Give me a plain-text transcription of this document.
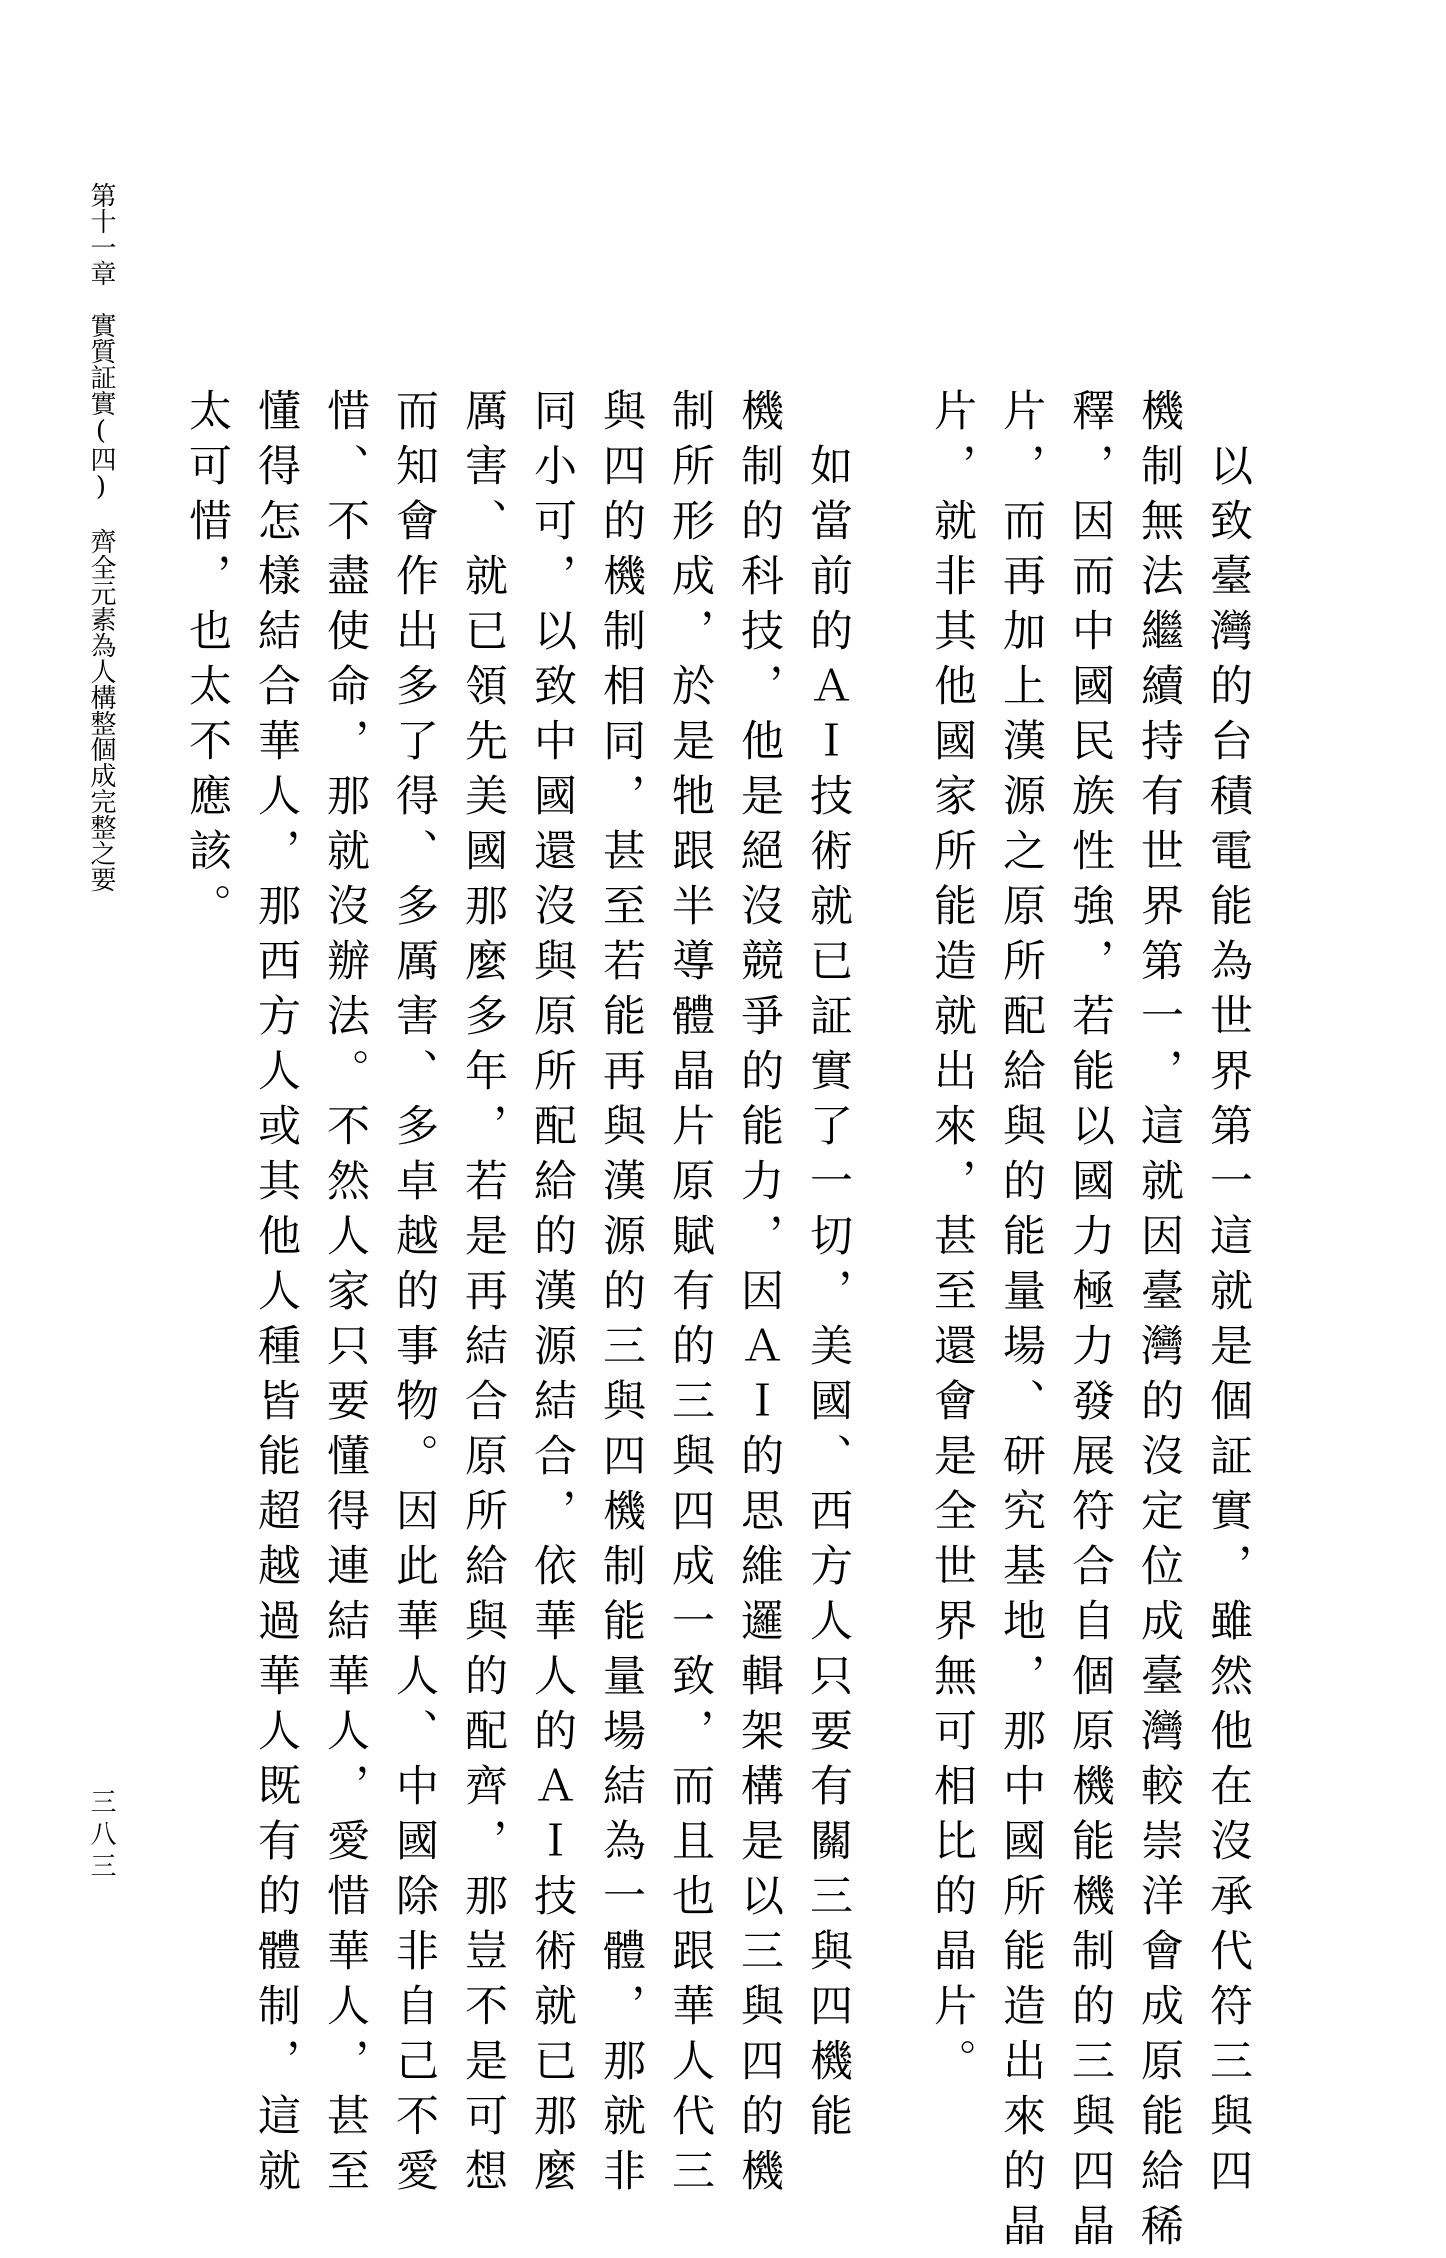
　以致臺灣的台積電能為世界第一這就是個証實，雖然他在沒承代符三與四
機制無法繼續持有世界第一，這就因臺灣的沒定位成臺灣較崇洋會成原能給稀
釋，因而中國民族性強，若能以國力極力發展符合自個原機能機制的三與四晶
片，而再加上漢源之原所配給與的能量場、研究基地，那中國所能造出來的晶
片，就非其他國家所能造就出來，甚至還會是全世界無可相比的晶片。
　如當前的ＡＩ技術就已証實了一切，美國、西方人只要有關三與四機能
機制的科技，他是絕沒競爭的能力，因ＡＩ的思維邏輯架構是以三與四的機
制所形成，於是牠跟半導體晶片原賦有的三與四成一致，而且也跟華人代三
與四的機制相同，甚至若能再與漢源的三與四機制能量場結為一體，那就非
同小可，以致中國還沒與原所配給的漢源結合，依華人的ＡＩ技術就已那麼
厲害、就已領先美國那麼多年，若是再結合原所給與的配齊，那豈不是可想
而知會作出多了得、多厲害、多卓越的事物。因此華人、中國除非自己不愛
惜、不盡使命，那就沒辦法。不然人家只要懂得連結華人，愛惜華人，甚至
懂得怎樣結合華人，那西方人或其他人種皆能超越過華人既有的體制，這就
太可惜，也太不應該。
第十一章　實質証實(四)　齊全元素為人構整個成完整之要
三八三
